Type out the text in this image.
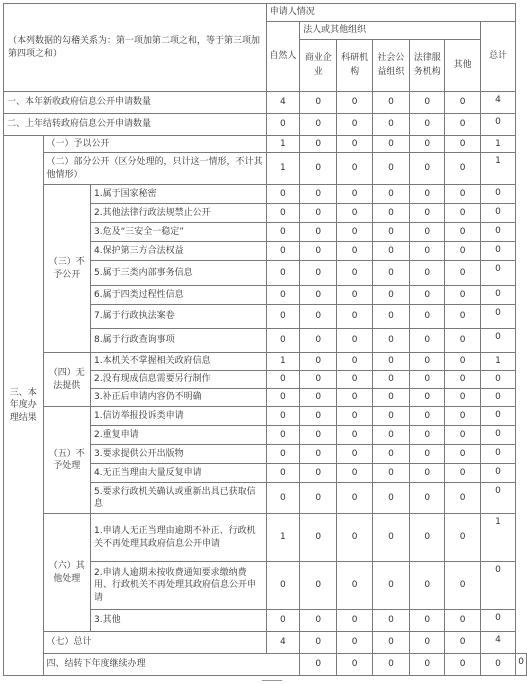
（本列数据的勾稽关系为：第一项加第二项之和，等于第三项加第四项之和）			申请人情况							
			自然人	法人或其他组织					总计	
				商业企业	科研机构	社会公益组织	法律服务机构	其他		
一、本年新收政府信息公开申请数量			4	0	0	0	0	0	4	
二、上年结转政府信息公开申请数量			0	0	0	0	0	0	0	
三、本年度办理结果	（一）予以公开		1	0	0	0	0	0	1	
	（二）部分公开（区分处理的，只计这一情形，不计其他情形）		1	0	0	0	0	0	1	
	（三）不予公开	1.属于国家秘密	0	0	0	0	0	0	0	
		2.其他法律行政法规禁止公开	0	0	0	0	0	0	0	
		3.危及“三安全一稳定”	0	0	0	0	0	0	0	
		4.保护第三方合法权益	0	0	0	0	0	0	0	
		5.属于三类内部事务信息	0	0	0	0	0	0	0	
		6.属于四类过程性信息	0	0	0	0	0	0	0	
		7.属于行政执法案卷	0	0	0	0	0	0	0	
		8.属于行政查询事项	0	0	0	0	0	0	0	
	（四）无法提供	1.本机关不掌握相关政府信息	1	0	0	0	0	0	1	
		2.没有现成信息需要另行制作	0	0	0	0	0	0	0	
		3.补正后申请内容仍不明确	0	0	0	0	0	0	0	
	（五）不予处理	1.信访举报投诉类申请	0	0	0	0	0	0	0	
		2.重复申请	0	0	0	0	0	0	0	
		3.要求提供公开出版物	0	0	0	0	0	0	0	
		4.无正当理由大量反复申请	0	0	0	0	0	0	0	
		5.要求行政机关确认或重新出具已获取信息	0	0	0	0	0	0	0	
	（六）其他处理	1.申请人无正当理由逾期不补正、行政机关不再处理其政府信息公开申请	1	0	0	0	0	0	1	
		2.申请人逾期未按收费通知要求缴纳费用、行政机关不再处理其政府信息公开申请	0	0	0	0	0	0	0	
		3.其他	0	0	0	0	0	0	0	
	（七）总计		4	0	0	0	0	0	4	
	四、结转下年度继续办理			0	0	0	0	0	0	0
